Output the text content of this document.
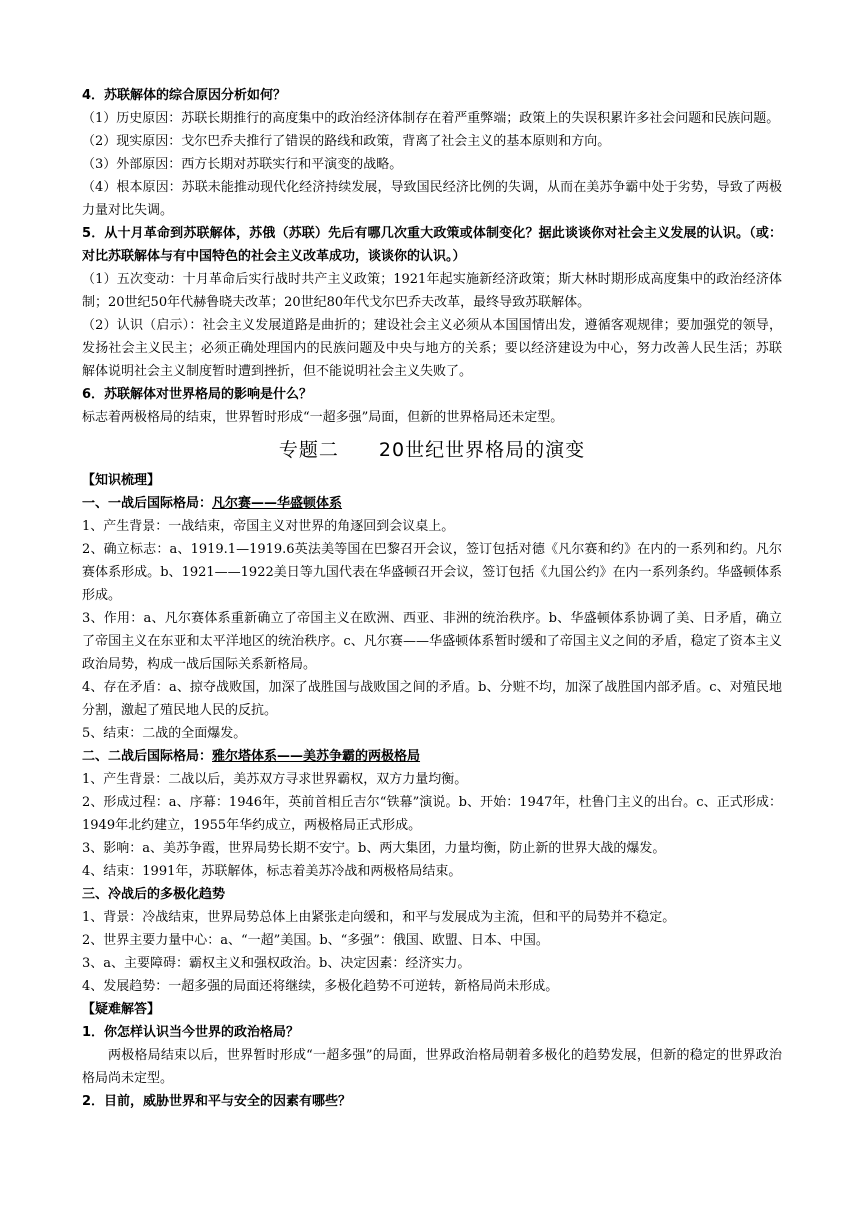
4．苏联解体的综合原因分析如何？

（1）历史原因：苏联长期推行的高度集中的政治经济体制存在着严重弊端；政策上的失误积累许多社会问题和民族问题。

（2）现实原因：戈尔巴乔夫推行了错误的路线和政策，背离了社会主义的基本原则和方向。

（3）外部原因：西方长期对苏联实行和平演变的战略。

（4）根本原因：苏联未能推动现代化经济持续发展，导致国民经济比例的失调，从而在美苏争霸中处于劣势，导致了两极力量对比失调。

5．从十月革命到苏联解体，苏俄（苏联）先后有哪几次重大政策或体制变化？据此谈谈你对社会主义发展的认识。（或：对比苏联解体与有中国特色的社会主义改革成功，谈谈你的认识。）

（1）五次变动：十月革命后实行战时共产主义政策；1921年起实施新经济政策；斯大林时期形成高度集中的政治经济体制；20世纪50年代赫鲁晓夫改革；20世纪80年代戈尔巴乔夫改革，最终导致苏联解体。

（2）认识（启示）：社会主义发展道路是曲折的；建设社会主义必须从本国国情出发，遵循客观规律；要加强党的领导，发扬社会主义民主；必须正确处理国内的民族问题及中央与地方的关系；要以经济建设为中心，努力改善人民生活；苏联解体说明社会主义制度暂时遭到挫折，但不能说明社会主义失败了。

6．苏联解体对世界格局的影响是什么？

标志着两极格局的结束，世界暂时形成“一超多强”局面，但新的世界格局还未定型。

专题二 20世纪世界格局的演变

【知识梳理】

一、一战后国际格局：凡尔赛——华盛顿体系

1、产生背景：一战结束，帝国主义对世界的角逐回到会议桌上。

2、确立标志：a、1919.1—1919.6英法美等国在巴黎召开会议，签订包括对德《凡尔赛和约》在内的一系列和约。凡尔赛体系形成。b、1921——1922美日等九国代表在华盛顿召开会议，签订包括《九国公约》在内一系列条约。华盛顿体系形成。

3、作用：a、凡尔赛体系重新确立了帝国主义在欧洲、西亚、非洲的统治秩序。b、华盛顿体系协调了美、日矛盾，确立了帝国主义在东亚和太平洋地区的统治秩序。c、凡尔赛——华盛顿体系暂时缓和了帝国主义之间的矛盾，稳定了资本主义政治局势，构成一战后国际关系新格局。

4、存在矛盾：a、掠夺战败国，加深了战胜国与战败国之间的矛盾。b、分赃不均，加深了战胜国内部矛盾。c、对殖民地分割，激起了殖民地人民的反抗。

5、结束：二战的全面爆发。

二、二战后国际格局：雅尔塔体系——美苏争霸的两极格局

1、产生背景：二战以后，美苏双方寻求世界霸权，双方力量均衡。

2、形成过程：a、序幕：1946年，英前首相丘吉尔“铁幕”演说。b、开始：1947年，杜鲁门主义的出台。c、正式形成：1949年北约建立，1955年华约成立，两极格局正式形成。

3、影响：a、美苏争霞，世界局势长期不安宁。b、两大集团，力量均衡，防止新的世界大战的爆发。

4、结束：1991年，苏联解体，标志着美苏冷战和两极格局结束。

三、冷战后的多极化趋势

1、背景：冷战结束，世界局势总体上由紧张走向缓和，和平与发展成为主流，但和平的局势并不稳定。

2、世界主要力量中心：a、“一超”美国。b、“多强”：俄国、欧盟、日本、中国。

3、a、主要障碍：霸权主义和强权政治。b、决定因素：经济实力。

4、发展趋势：一超多强的局面还将继续，多极化趋势不可逆转，新格局尚未形成。

【疑难解答】

1．你怎样认识当今世界的政治格局？

两极格局结束以后，世界暂时形成“一超多强”的局面，世界政治格局朝着多极化的趋势发展，但新的稳定的世界政治格局尚未定型。

2．目前，威胁世界和平与安全的因素有哪些？
